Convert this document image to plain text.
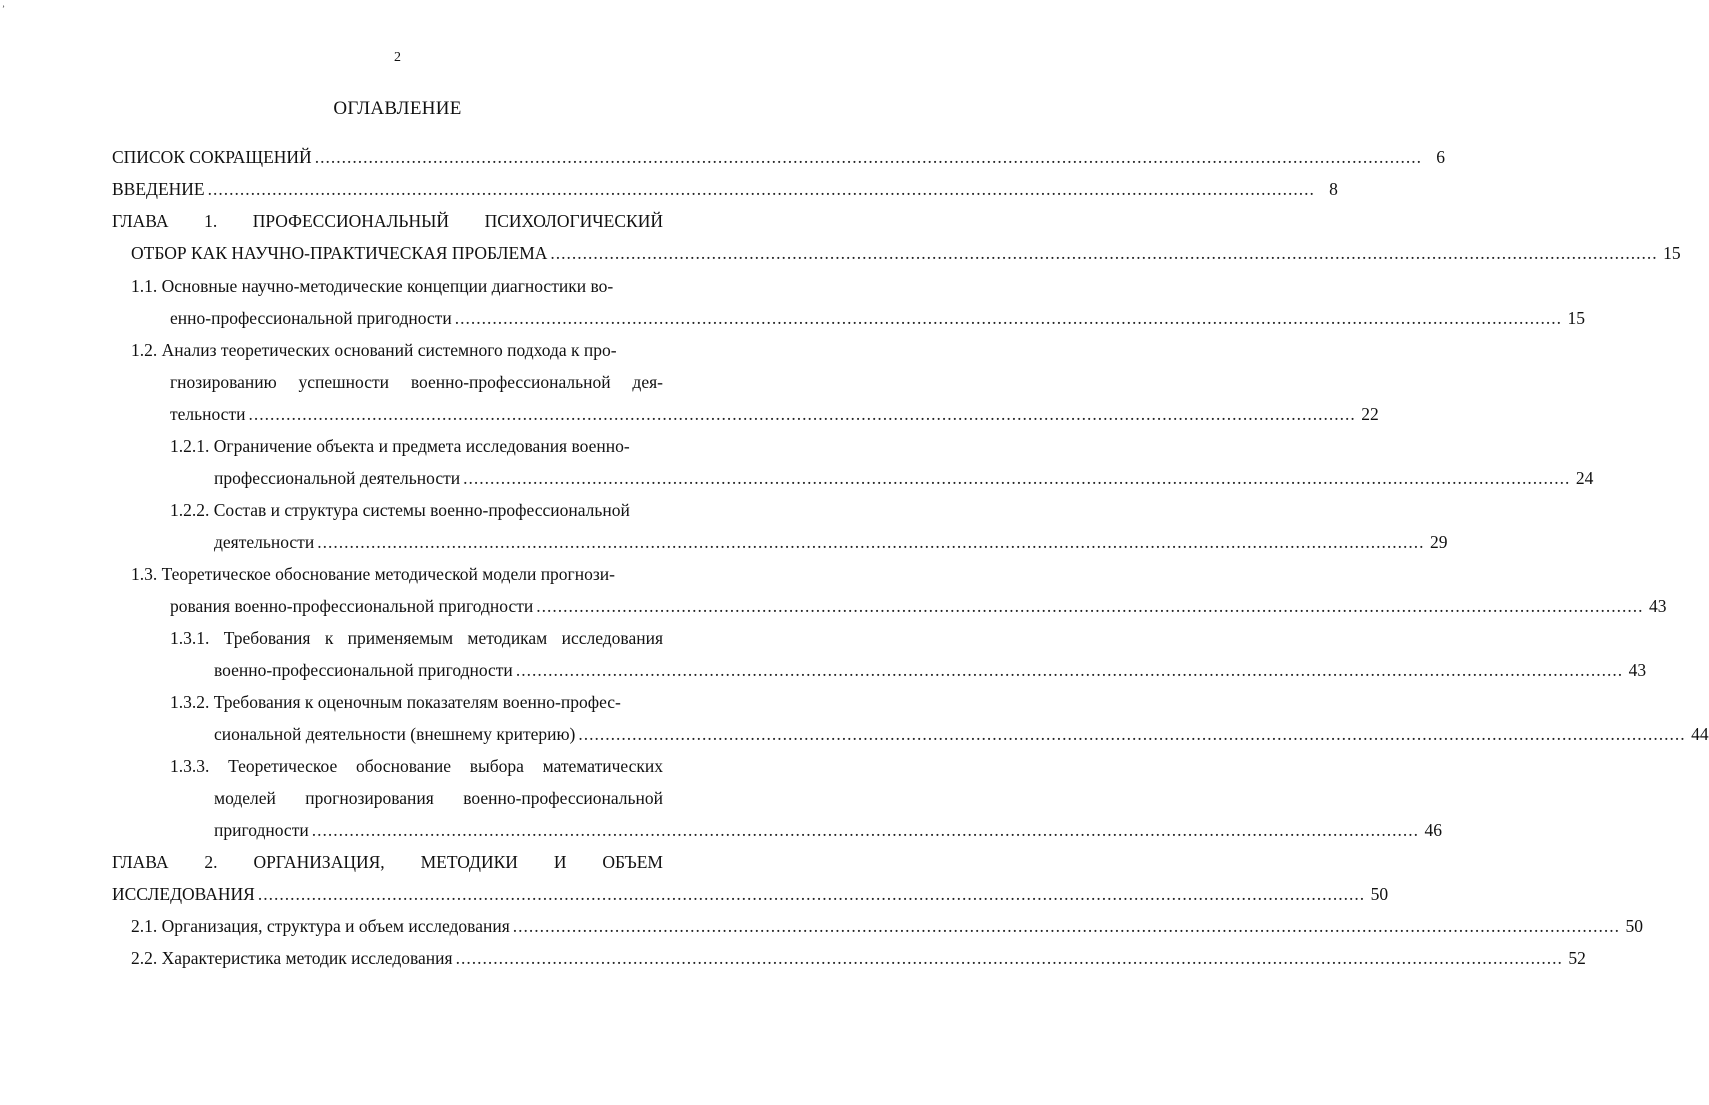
ʼ
2
ОГЛАВЛЕНИЕ
СПИСОК СОКРАЩЕНИЙ .............................................................................................................................................................................................................. 6
ВВЕДЕНИЕ .............................................................................................................................................................................................................. 8
ГЛАВА 1. ПРОФЕССИОНАЛЬНЫЙ ПСИХОЛОГИЧЕСКИЙ
ОТБОР КАК НАУЧНО-ПРАКТИЧЕСКАЯ ПРОБЛЕМА .............................................................................................................................................................................................................. 15
1.1. Основные научно-методические концепции диагностики во-
енно-профессиональной пригодности .............................................................................................................................................................................................................. 15
1.2. Анализ теоретических оснований системного подхода к про-
гнозированию успешности военно-профессиональной дея-
тельности .............................................................................................................................................................................................................. 22
1.2.1. Ограничение объекта и предмета исследования военно-
профессиональной деятельности .............................................................................................................................................................................................................. 24
1.2.2. Состав и структура системы военно-профессиональной
деятельности .............................................................................................................................................................................................................. 29
1.3. Теоретическое обоснование методической модели прогнози-
рования военно-профессиональной пригодности .............................................................................................................................................................................................................. 43
1.3.1. Требования к применяемым методикам исследования
военно-профессиональной пригодности .............................................................................................................................................................................................................. 43
1.3.2. Требования к оценочным показателям военно-профес-
сиональной деятельности (внешнему критерию) .............................................................................................................................................................................................................. 44
1.3.3. Теоретическое обоснование выбора математических
моделей прогнозирования военно-профессиональной
пригодности .............................................................................................................................................................................................................. 46
ГЛАВА 2. ОРГАНИЗАЦИЯ, МЕТОДИКИ И ОБЪЕМ
ИССЛЕДОВАНИЯ .............................................................................................................................................................................................................. 50
2.1. Организация, структура и объем исследования .............................................................................................................................................................................................................. 50
2.2. Характеристика методик исследования .............................................................................................................................................................................................................. 52
